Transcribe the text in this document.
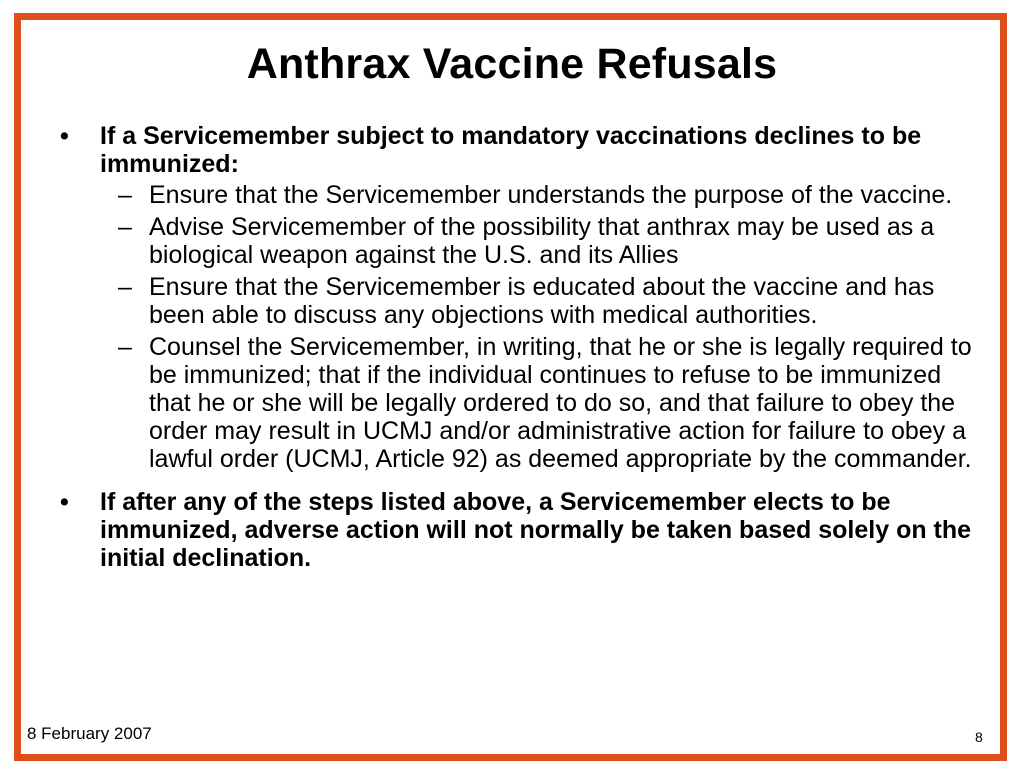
Anthrax Vaccine Refusals
• If a Servicemember subject to mandatory vaccinations declines to be immunized:
– Ensure that the Servicemember understands the purpose of the vaccine.
– Advise Servicemember of the possibility that anthrax may be used as a biological weapon against the U.S. and its Allies
– Ensure that the Servicemember is educated about the vaccine and has been able to discuss any objections with medical authorities.
– Counsel the Servicemember, in writing, that he or she is legally required to be immunized; that if the individual continues to refuse to be immunized that he or she will be legally ordered to do so, and that failure to obey the order may result in UCMJ and/or administrative action for failure to obey a lawful order (UCMJ, Article 92) as deemed appropriate by the commander.
• If after any of the steps listed above, a Servicemember elects to be immunized, adverse action will not normally be taken based solely on the initial declination.
8 February 2007	8
